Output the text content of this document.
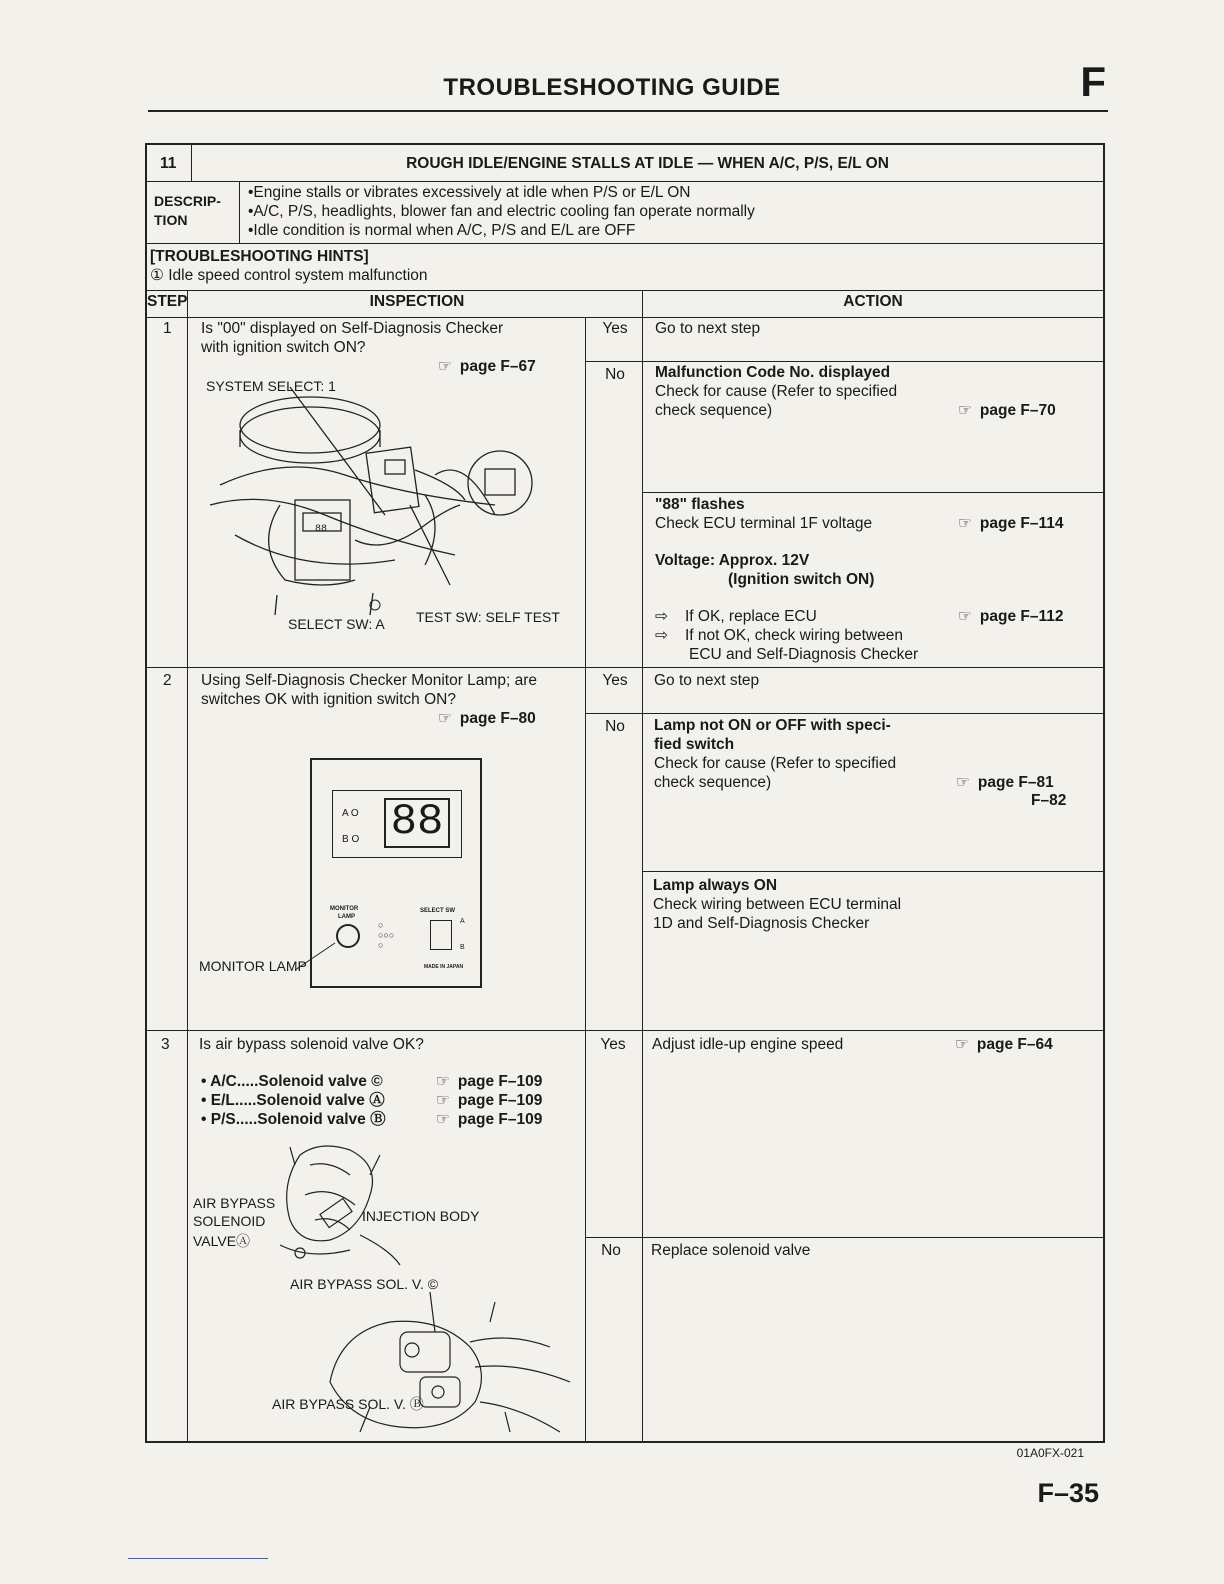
TROUBLESHOOTING GUIDE	F
11	ROUGH IDLE/ENGINE STALLS AT IDLE — WHEN A/C, P/S, E/L ON
DESCRIP-
TION
•Engine stalls or vibrates excessively at idle when P/S or E/L ON
•A/C, P/S, headlights, blower fan and electric cooling fan operate normally
•Idle condition is normal when A/C, P/S and E/L are OFF
[TROUBLESHOOTING HINTS]
① Idle speed control system malfunction
STEP	INSPECTION	ACTION
1 Is "00" displayed on Self-Diagnosis Checker
with ignition switch ON?
☞ page F–67
88
SYSTEM SELECT: 1
SELECT SW: A TEST SW: SELF TEST
Yes	Go to next step
No	Malfunction Code No. displayed
Check for cause (Refer to specified
check sequence)	☞ page F–70
"88" flashes
Check ECU terminal 1F voltage	☞ page F–114
Voltage: Approx. 12V
(Ignition switch ON)
⇨ If OK, replace ECU	☞ page F–112
⇨ If not OK, check wiring between
ECU and Self-Diagnosis Checker
2 Using Self-Diagnosis Checker Monitor Lamp; are
switches OK with ignition switch ON?
☞ page F–80
A O
B O 88
MONITOR
LAMP
○
○○○
○
SELECT SW
A
B
MADE IN JAPAN
MONITOR LAMP
Yes	Go to next step
No	Lamp not ON or OFF with speci-
fied switch
Check for cause (Refer to specified
check sequence)	☞ page F–81
F–82
Lamp always ON
Check wiring between ECU terminal
1D and Self-Diagnosis Checker
3 Is air bypass solenoid valve OK?
• A/C.....Solenoid valve ©	☞ page F–109
• E/L.....Solenoid valve Ⓐ	☞ page F–109
• P/S.....Solenoid valve Ⓑ	☞ page F–109
AIR BYPASS
SOLENOID
VALVEⒶ
INJECTION BODY
AIR BYPASS SOL. V. ©
AIR BYPASS SOL. V. Ⓑ
Yes	Adjust idle-up engine speed	☞ page F–64
No	Replace solenoid valve
01A0FX-021
F–35
